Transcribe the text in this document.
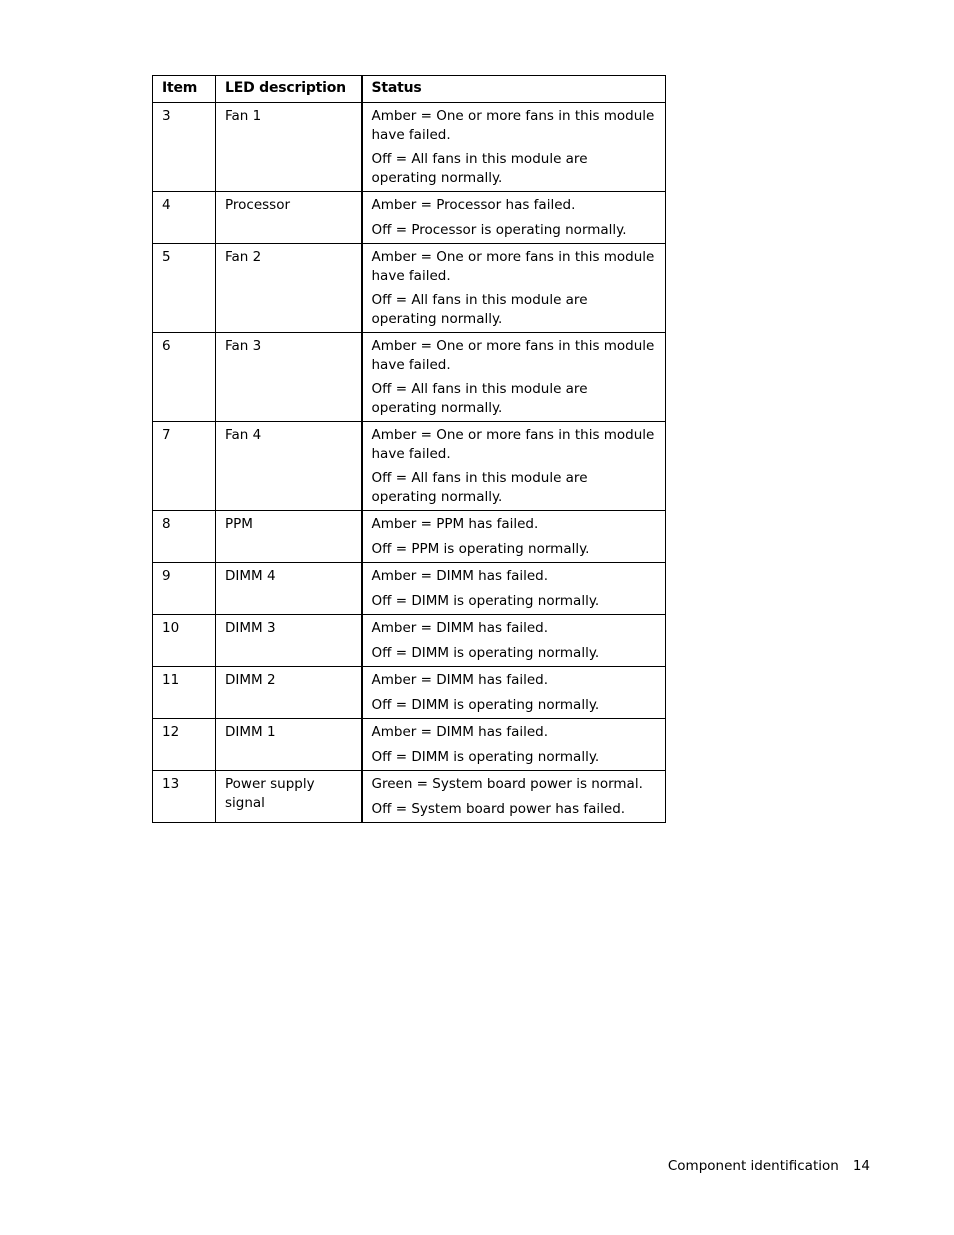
Item	LED description	Status
3	Fan 1	Amber = One or more fans in this module have failed.

Off = All fans in this module are operating normally.

4	Processor	Amber = Processor has failed.

Off = Processor is operating normally.

5	Fan 2	Amber = One or more fans in this module have failed.

Off = All fans in this module are operating normally.

6	Fan 3	Amber = One or more fans in this module have failed.

Off = All fans in this module are operating normally.

7	Fan 4	Amber = One or more fans in this module have failed.

Off = All fans in this module are operating normally.

8	PPM	Amber = PPM has failed.

Off = PPM is operating normally.

9	DIMM 4	Amber = DIMM has failed.

Off = DIMM is operating normally.

10	DIMM 3	Amber = DIMM has failed.

Off = DIMM is operating normally.

11	DIMM 2	Amber = DIMM has failed.

Off = DIMM is operating normally.

12	DIMM 1	Amber = DIMM has failed.

Off = DIMM is operating normally.

13	Power supply signal	Green = System board power is normal.

Off = System board power has failed.

Component identification 14
